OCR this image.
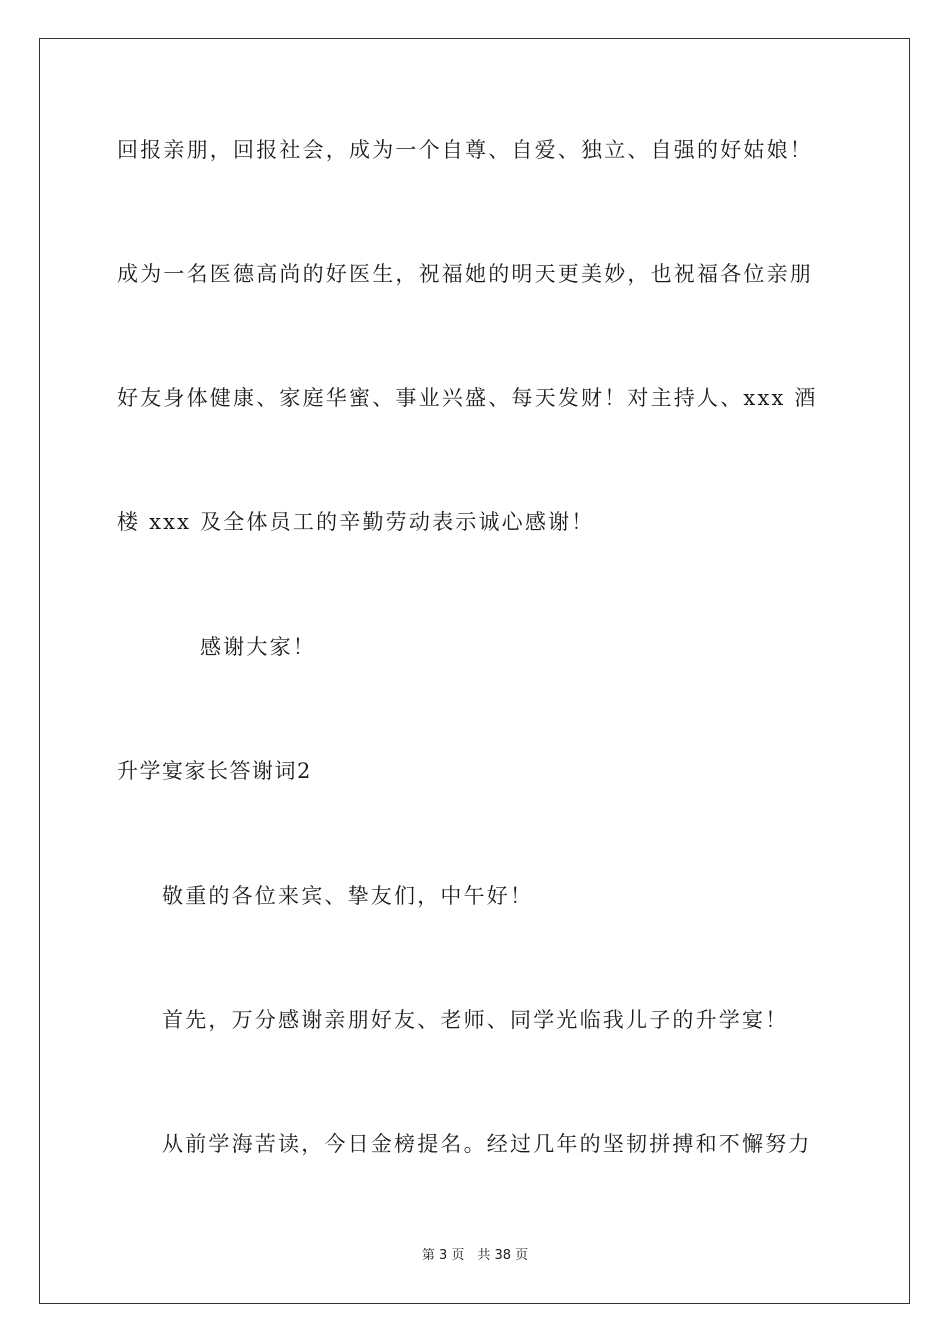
回报亲朋，回报社会，成为一个自尊、自爱、独立、自强的好姑娘！
成为一名医德高尚的好医生，祝福她的明天更美妙，也祝福各位亲朋
好友身体健康、家庭华蜜、事业兴盛、每天发财！对主持人、xxx 酒
楼 xxx 及全体员工的辛勤劳动表示诚心感谢！
感谢大家！
升学宴家长答谢词2
敬重的各位来宾、挚友们，中午好！
首先，万分感谢亲朋好友、老师、同学光临我儿子的升学宴！
从前学海苦读，今日金榜提名。经过几年的坚韧拼搏和不懈努力
第 3 页　共 38 页
